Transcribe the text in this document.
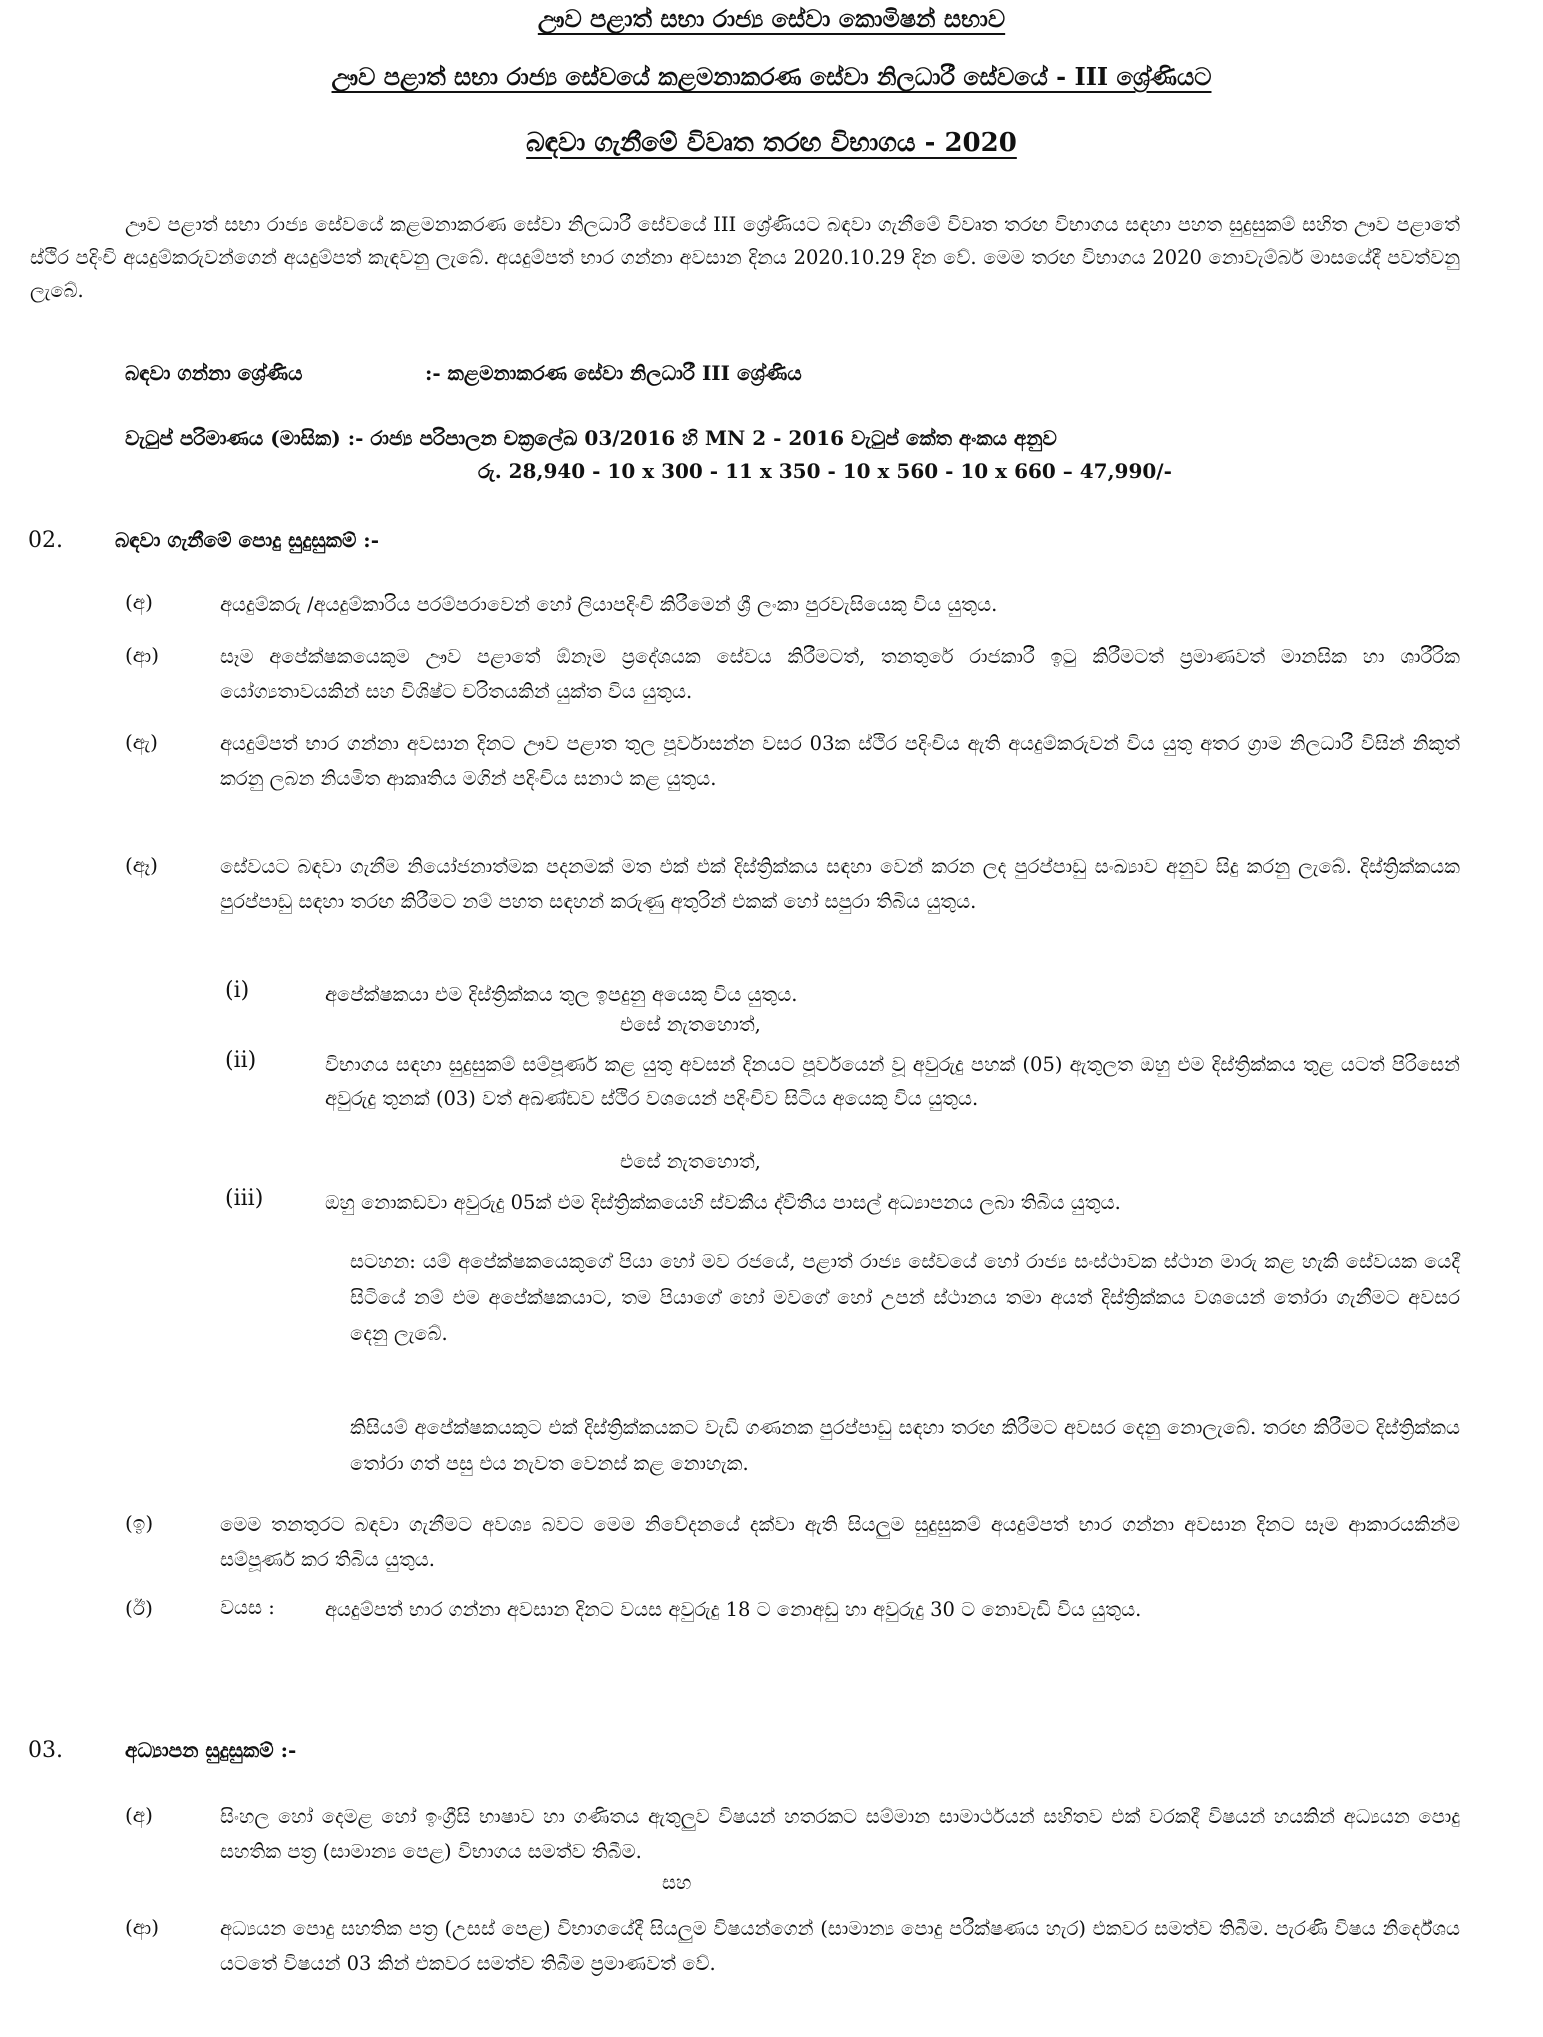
ඌව පළාත් සභා රාජ්‍ය සේවා කොමිෂන් සභාව
ඌව පළාත් සභා රාජ්‍ය සේවයේ කළමනාකරණ සේවා නිලධාරී සේවයේ - III ශ්‍රේණියට
බඳවා ගැනීමේ විවෘත තරඟ විභාගය - 2020
ඌව පළාත් සභා රාජ්‍ය සේවයේ කළමනාකරණ සේවා නිලධාරී සේවයේ III ශ්‍රේණියට බඳවා ගැනීමේ විවෘත තරඟ විභාගය සඳහා පහත සුදුසුකම් සහිත ඌව පළාතේ ස්ථිර පදිංචි අයදුම්කරුවන්ගෙන් අයදුම්පත් කැඳවනු ලැබේ. අයදුම්පත් භාර ගන්නා අවසාන දිනය 2020.10.29 දින වේ. මෙම තරඟ විභාගය 2020 නොවැම්බර් මාසයේදී පවත්වනු ලැබේ.
බඳවා ගන්නා ශ්‍රේණිය	:- කළමනාකරණ සේවා නිලධාරී III ශ්‍රේණිය
වැටුප් පරිමාණය (මාසික) :- රාජ්‍ය පරිපාලන චක්‍රලේඛ 03/2016 හි MN 2 - 2016 වැටුප් කේත අංකය අනුව
රු. 28,940 - 10 x 300 - 11 x 350 - 10 x 560 - 10 x 660 – 47,990/-
02.	බඳවා ගැනීමේ පොදු සුදුසුකම් :-
(අ)	අයදුම්කරු /අයදුම්කාරිය පරම්පරාවෙන් හෝ ලියාපදිංචි කිරීමෙන් ශ්‍රී ලංකා පුරවැසියෙකු විය යුතුය.
(ආ)	සෑම අපේක්ෂකයෙකුම ඌව පළාතේ ඕනෑම ප්‍රදේශයක සේවය කිරීමටත්, තනතුරේ රාජකාරී ඉටු කිරීමටත් ප්‍රමාණවත් මානසික හා ශාරීරික යෝග්‍යතාවයකින් සහ විශිෂ්ට චරිතයකින් යුක්ත විය යුතුය.
(ඇ)	අයදුම්පත් භාර ගන්නා අවසාන දිනට ඌව පළාත තුල පූර්වාසන්න වසර 03ක ස්ථිර පදිංචිය ඇති අයදුම්කරුවන් විය යුතු අතර ග්‍රාම නිලධාරී විසින් නිකුත් කරනු ලබන නියමිත ආකෘතිය මගින් පදිංචිය සනාථ කළ යුතුය.
(ඈ)	සේවයට බඳවා ගැනීම නියෝජනාත්මක පදනමක් මත එක් එක් දිස්ත්‍රික්කය සඳහා වෙන් කරන ලද පුරප්පාඩු සංඛ්‍යාව අනුව සිදු කරනු ලැබේ. දිස්ත්‍රික්කයක පුරප්පාඩු සඳහා තරඟ කිරීමට නම් පහත සඳහන් කරුණු අතුරින් එකක් හෝ සපුරා තිබිය යුතුය.
(i)	අපේක්ෂකයා එම දිස්ත්‍රික්කය තුල ඉපදුනු අයෙකු විය යුතුය.
එසේ නැතහොත්,
(ii)	විභාගය සඳහා සුදුසුකම් සම්පූර්ණ කළ යුතු අවසන් දිනයට පූර්වයෙන් වූ අවුරුදු පහක් (05) ඇතුලත ඔහු එම දිස්ත්‍රික්කය තුළ යටත් පිරිසෙන් අවුරුදු තුනක් (03) වත් අඛණ්ඩව ස්ථිර වශයෙන් පදිංචිව සිටිය අයෙකු විය යුතුය.
එසේ නැතහොත්,
(iii)	ඔහු නොකඩවා අවුරුදු 05ක් එම දිස්ත්‍රික්කයෙහි ස්වකීය ද්විතීය පාසල් අධ්‍යාපනය ලබා තිබිය යුතුය.
සටහන: යම් අපේක්ෂකයෙකුගේ පියා හෝ මව රජයේ, පළාත් රාජ්‍ය සේවයේ හෝ රාජ්‍ය සංස්ථාවක ස්ථාන මාරු කළ හැකි සේවයක යෙදී සිටියේ නම් එම අපේක්ෂකයාට, තම පියාගේ හෝ මවගේ හෝ උපන් ස්ථානය තමා අයත් දිස්ත්‍රික්කය වශයෙන් තෝරා ගැනීමට අවසර දෙනු ලැබේ.
කිසියම් අපේක්ෂකයකුට එක් දිස්ත්‍රික්කයකට වැඩි ගණනක පුරප්පාඩු සඳහා තරඟ කිරීමට අවසර දෙනු නොලැබේ. තරඟ කිරීමට දිස්ත්‍රික්කය තෝරා ගත් පසු එය නැවත වෙනස් කළ නොහැක.
(ඉ)	මෙම තනතුරට බඳවා ගැනීමට අවශ්‍ය බවට මෙම නිවේදනයේ දක්වා ඇති සියලුම සුදුසුකම් අයදුම්පත් භාර ගන්නා අවසාන දිනට සෑම ආකාරයකින්ම සම්පූර්ණ කර තිබිය යුතුය.
(ඊ)	වයස :	අයදුම්පත් භාර ගන්නා අවසාන දිනට වයස අවුරුදු 18 ට නොඅඩු හා අවුරුදු 30 ට නොවැඩි විය යුතුය.
03.	අධ්‍යාපන සුදුසුකම් :-
(අ)	සිංහල හෝ දෙමළ හෝ ඉංග්‍රීසි භාෂාව හා ගණිතය ඇතුලුව විෂයන් හතරකට සම්මාන සාමාර්ථයන් සහිතව එක් වරකදී විෂයන් හයකින් අධ්‍යයන පොදු සහතික පත්‍ර (සාමාන්‍ය පෙළ) විභාගය සමත්ව තිබීම.
සහ
(ආ)	අධ්‍යයන පොදු සහතික පත්‍ර (උසස් පෙළ) විභාගයේදී සියලුම විෂයන්ගෙන් (සාමාන්‍ය පොදු පරීක්ෂණය හැර) එකවර සමත්ව තිබීම. පැරණි විෂය නිර්දේශය යටතේ විෂයන් 03 කින් එකවර සමත්ව තිබීම ප්‍රමාණවත් වේ.
